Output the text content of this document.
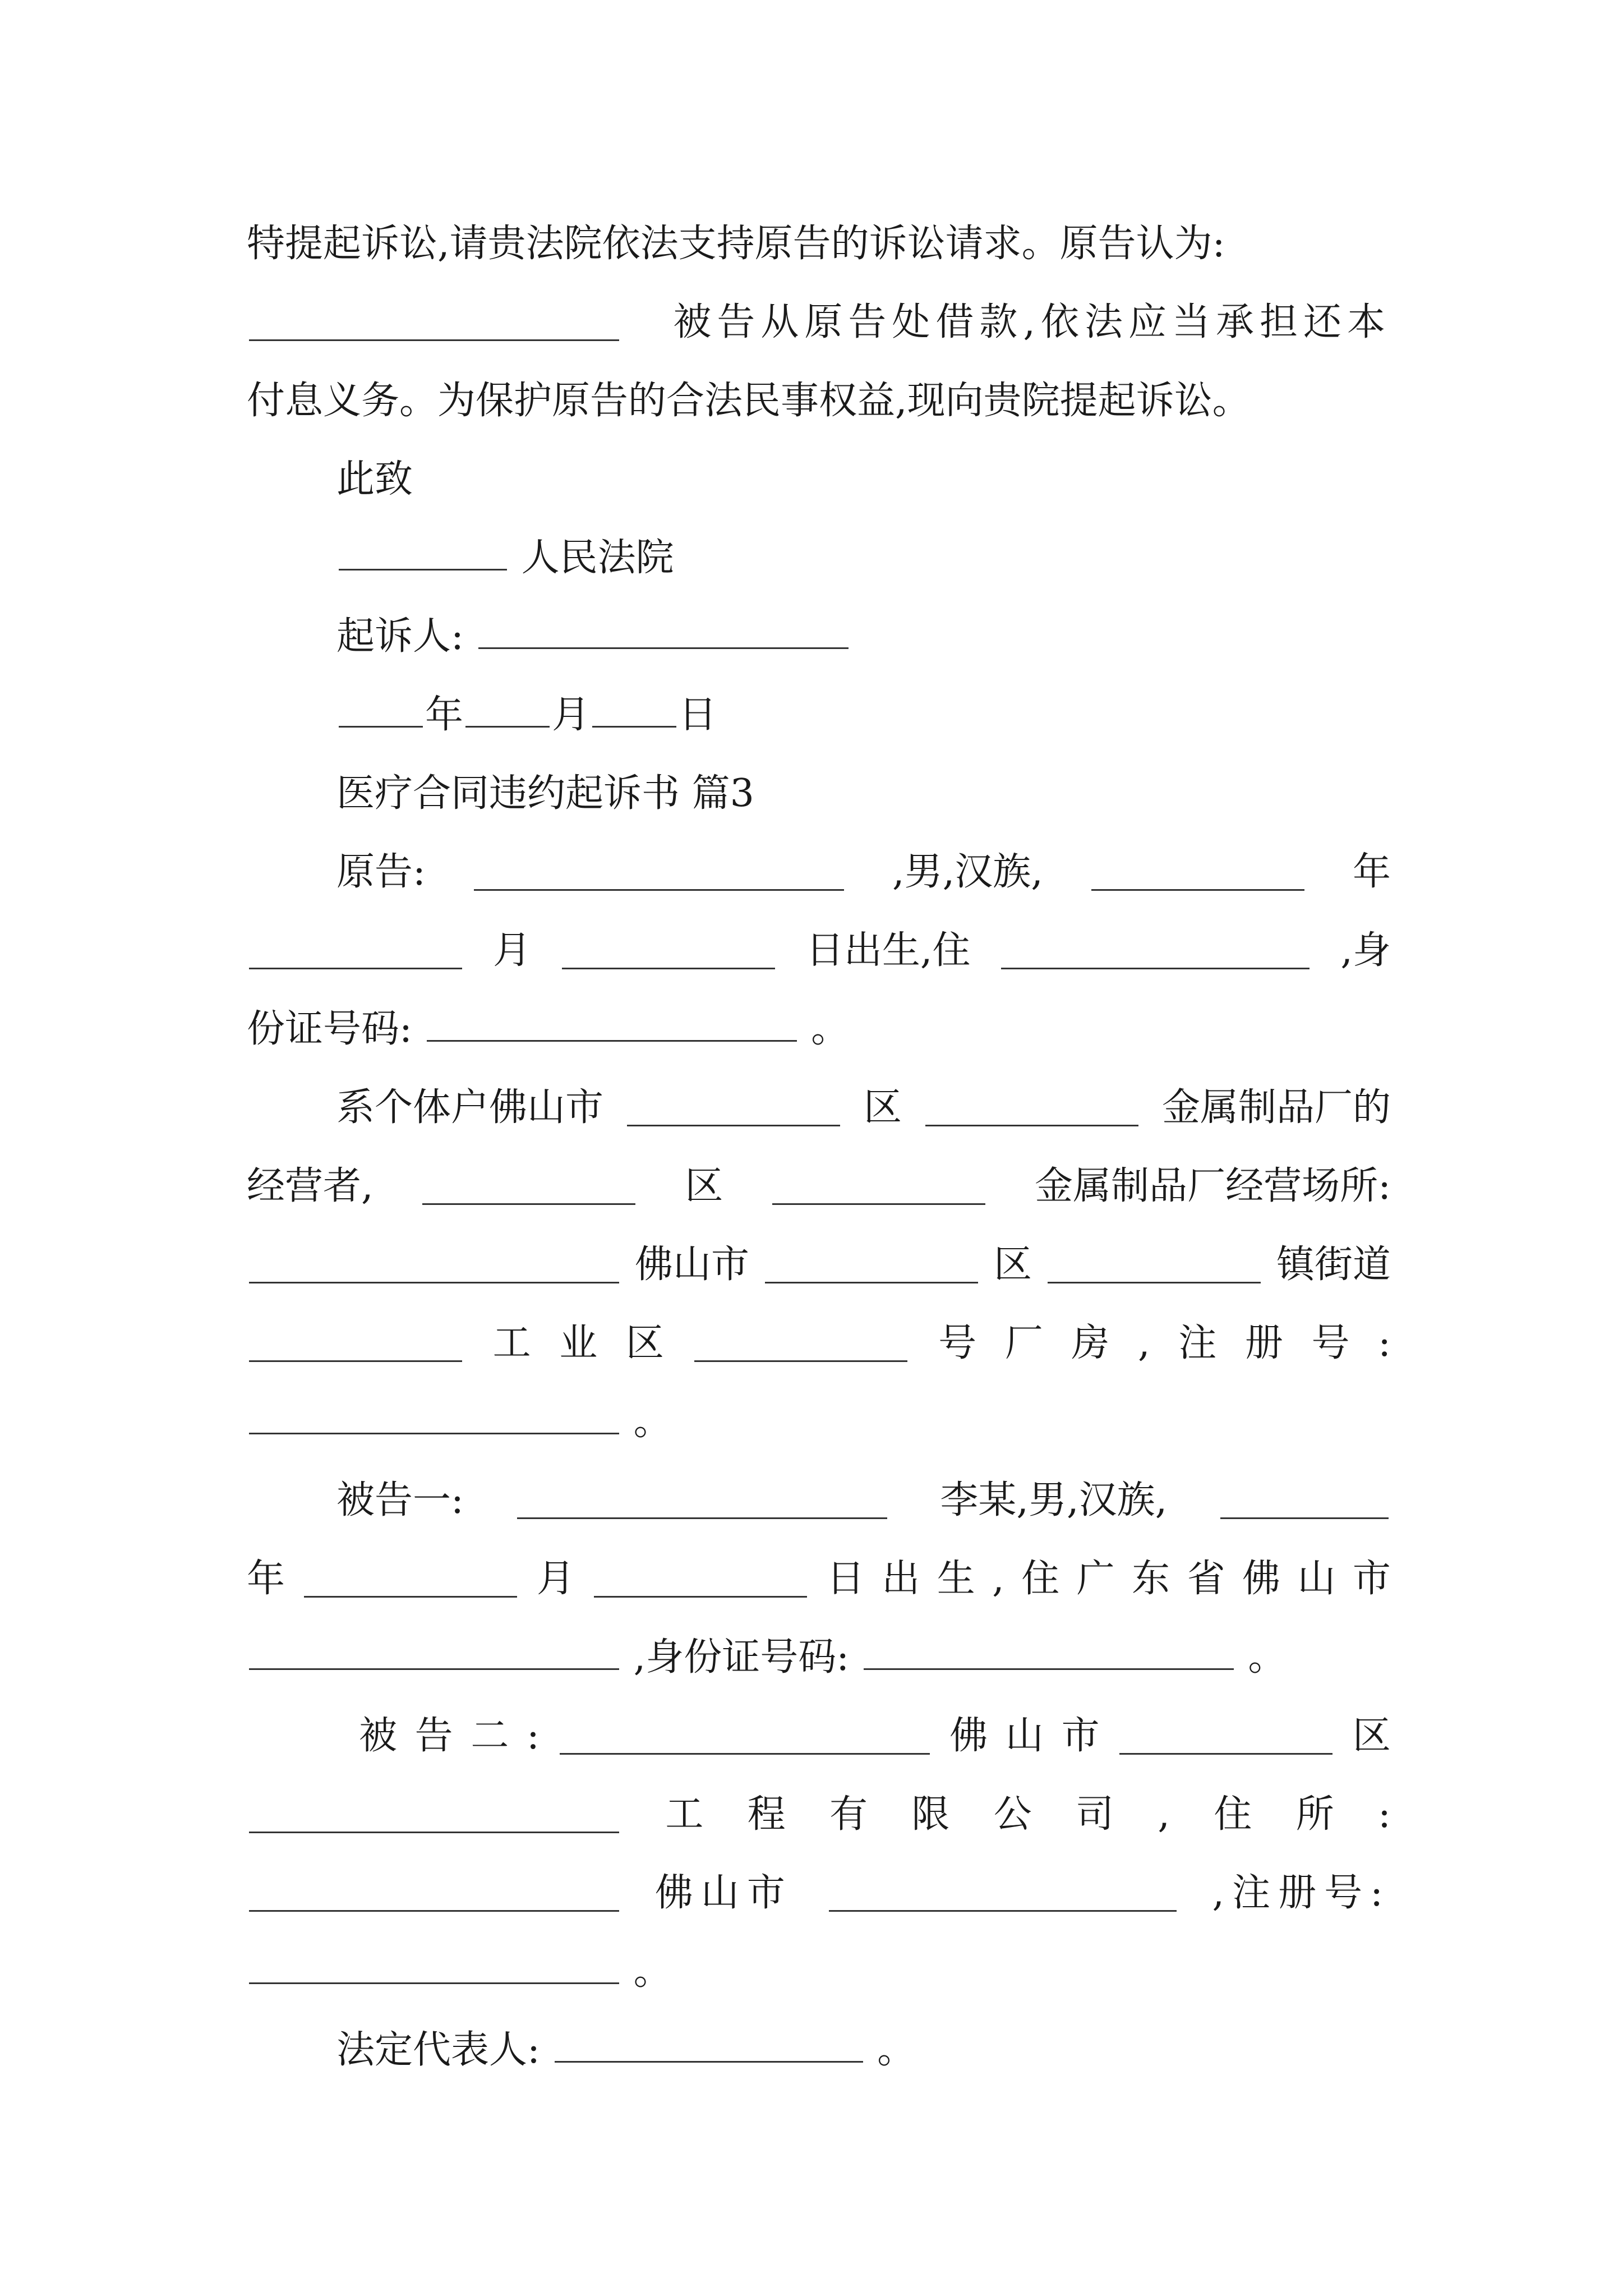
特提起诉讼,请贵法院依法支持原告的诉讼请求。原告认为:
被告从原告处借款,依法应当承担还本
付息义务。为保护原告的合法民事权益,现向贵院提起诉讼。
此致
人民法院
起诉人:
年 月 日
医疗合同违约起诉书 篇3
原告:	,男,汉族,	年
月	日出生,住	,身
份证号码:	。
系个体户佛山市	区	金属制品厂的
经营者,	区	金属制品厂经营场所:
佛山市	区	镇街道
工 业 区	号 厂 房 , 注 册 号 :
。
被告一:	李某,男,汉族,
年	月	日 出 生 , 住 广 东 省 佛 山 市
,身份证号码:	。
被 告 二 :	佛 山 市	区
工 程 有 限 公 司 , 住 所 :
佛山市	,注册号:
。
法定代表人:	。
